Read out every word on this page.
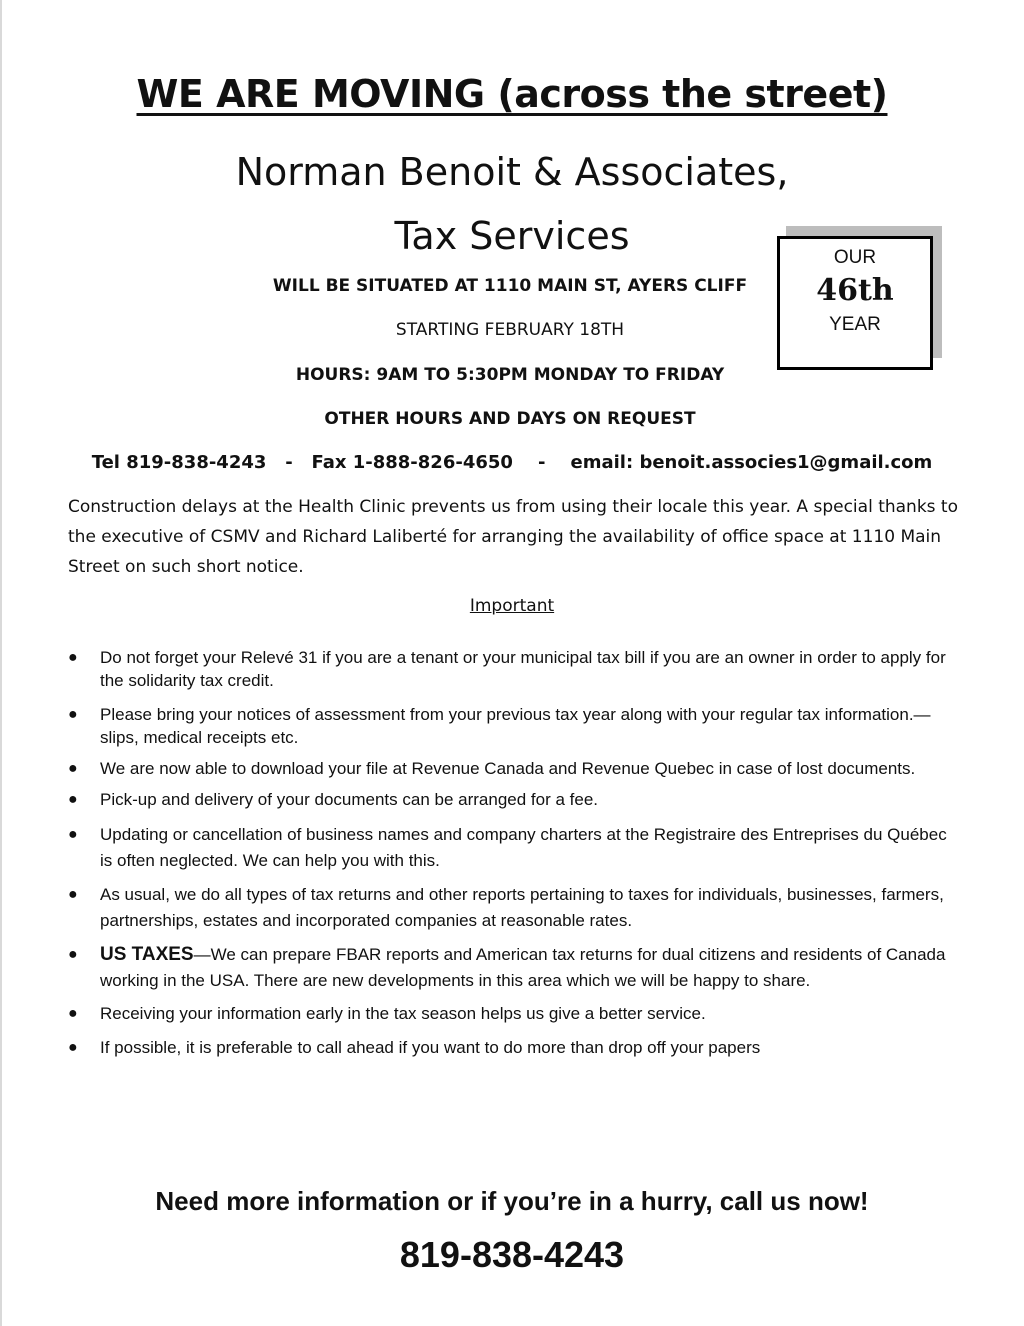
WE ARE MOVING (across the street)
Norman Benoit & Associates,
Tax Services
WILL BE SITUATED AT 1110 MAIN ST, AYERS CLIFF
STARTING FEBRUARY 18TH
HOURS: 9AM TO 5:30PM MONDAY TO FRIDAY
OTHER HOURS AND DAYS ON REQUEST
OUR
46th
YEAR
Tel 819-838-4243   -   Fax 1-888-826-4650    -    email: benoit.associes1@gmail.com
Construction delays at the Health Clinic prevents us from using their locale this year. A special thanks to the executive of CSMV and Richard Laliberté for arranging the availability of office space at 1110 Main Street on such short notice.
Important
● Do not forget your Relevé 31 if you are a tenant or your municipal tax bill if you are an owner in order to apply for the solidarity tax credit.
● Please bring your notices of assessment from your previous tax year along with your regular tax information.—slips, medical receipts etc.
● We are now able to download your file at Revenue Canada and Revenue Quebec in case of lost documents.
● Pick-up and delivery of your documents can be arranged for a fee.
● Updating or cancellation of business names and company charters at the Registraire des Entreprises du Québec is often neglected. We can help you with this.
● As usual, we do all types of tax returns and other reports pertaining to taxes for individuals, businesses, farmers, partnerships, estates and incorporated companies at reasonable rates.
● US TAXES—We can prepare FBAR reports and American tax returns for dual citizens and residents of Canada working in the USA. There are new developments in this area which we will be happy to share.
● Receiving your information early in the tax season helps us give a better service.
● If possible, it is preferable to call ahead if you want to do more than drop off your papers
Need more information or if you’re in a hurry, call us now!
819-838-4243
